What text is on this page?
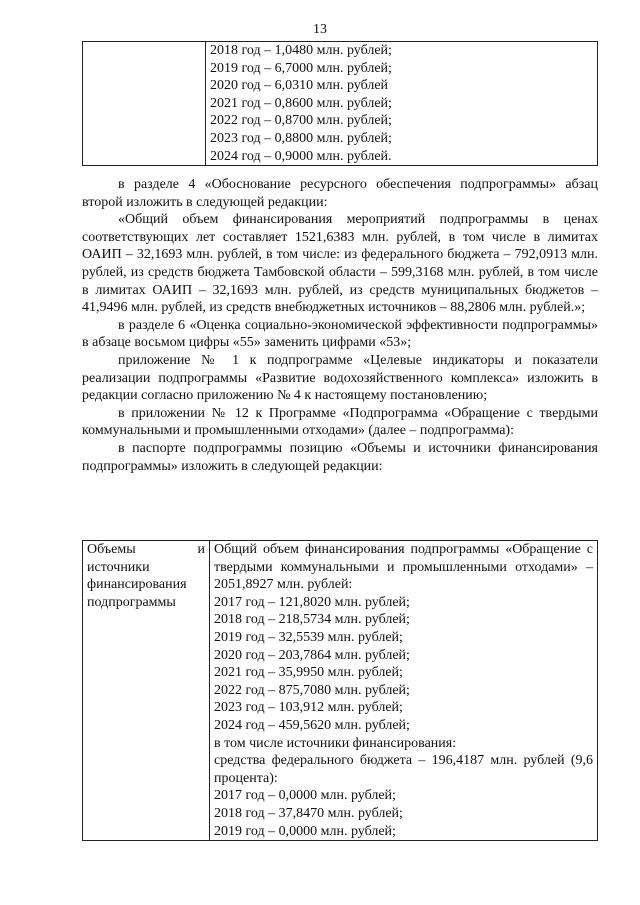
13

2018 год – 1,0480 млн. рублей;
2019 год – 6,7000 млн. рублей;
2020 год – 6,0310 млн. рублей
2021 год – 0,8600 млн. рублей;
2022 год – 0,8700 млн. рублей;
2023 год – 0,8800 млн. рублей;
2024 год – 0,9000 млн. рублей.

в разделе 4 «Обоснование ресурсного обеспечения подпрограммы» абзац второй изложить в следующей редакции:

«Общий объем финансирования мероприятий подпрограммы в ценах соответствующих лет составляет 1521,6383 млн. рублей, в том числе в лимитах ОАИП – 32,1693 млн. рублей, в том числе: из федерального бюджета – 792,0913 млн. рублей, из средств бюджета Тамбовской области – 599,3168 млн. рублей, в том числе в лимитах ОАИП – 32,1693 млн. рублей, из средств муниципальных бюджетов – 41,9496 млн. рублей, из средств внебюджетных источников – 88,2806 млн. рублей.»;

в разделе 6 «Оценка социально-экономической эффективности подпрограммы» в абзаце восьмом цифры «55» заменить цифрами «53»;

приложение № 1 к подпрограмме «Целевые индикаторы и показатели реализации подпрограммы «Развитие водохозяйственного комплекса» изложить в редакции согласно приложению № 4 к настоящему постановлению;

в приложении № 12 к Программе «Подпрограмма «Обращение с твердыми коммунальными и промышленными отходами» (далее – подпрограмма):

в паспорте подпрограммы позицию «Объемы и источники финансирования подпрограммы» изложить в следующей редакции:

Объемы и
источники
финансирования
подпрограммы

Общий объем финансирования подпрограммы «Обращение с твердыми коммунальными и промышленными отходами» – 2051,8927 млн. рублей:
2017 год – 121,8020 млн. рублей;
2018 год – 218,5734 млн. рублей;
2019 год – 32,5539 млн. рублей;
2020 год – 203,7864 млн. рублей;
2021 год – 35,9950 млн. рублей;
2022 год – 875,7080 млн. рублей;
2023 год – 103,912 млн. рублей;
2024 год – 459,5620 млн. рублей;
в том числе источники финансирования:
средства федерального бюджета – 196,4187 млн. рублей (9,6 процента):
2017 год – 0,0000 млн. рублей;
2018 год – 37,8470 млн. рублей;
2019 год – 0,0000 млн. рублей;
